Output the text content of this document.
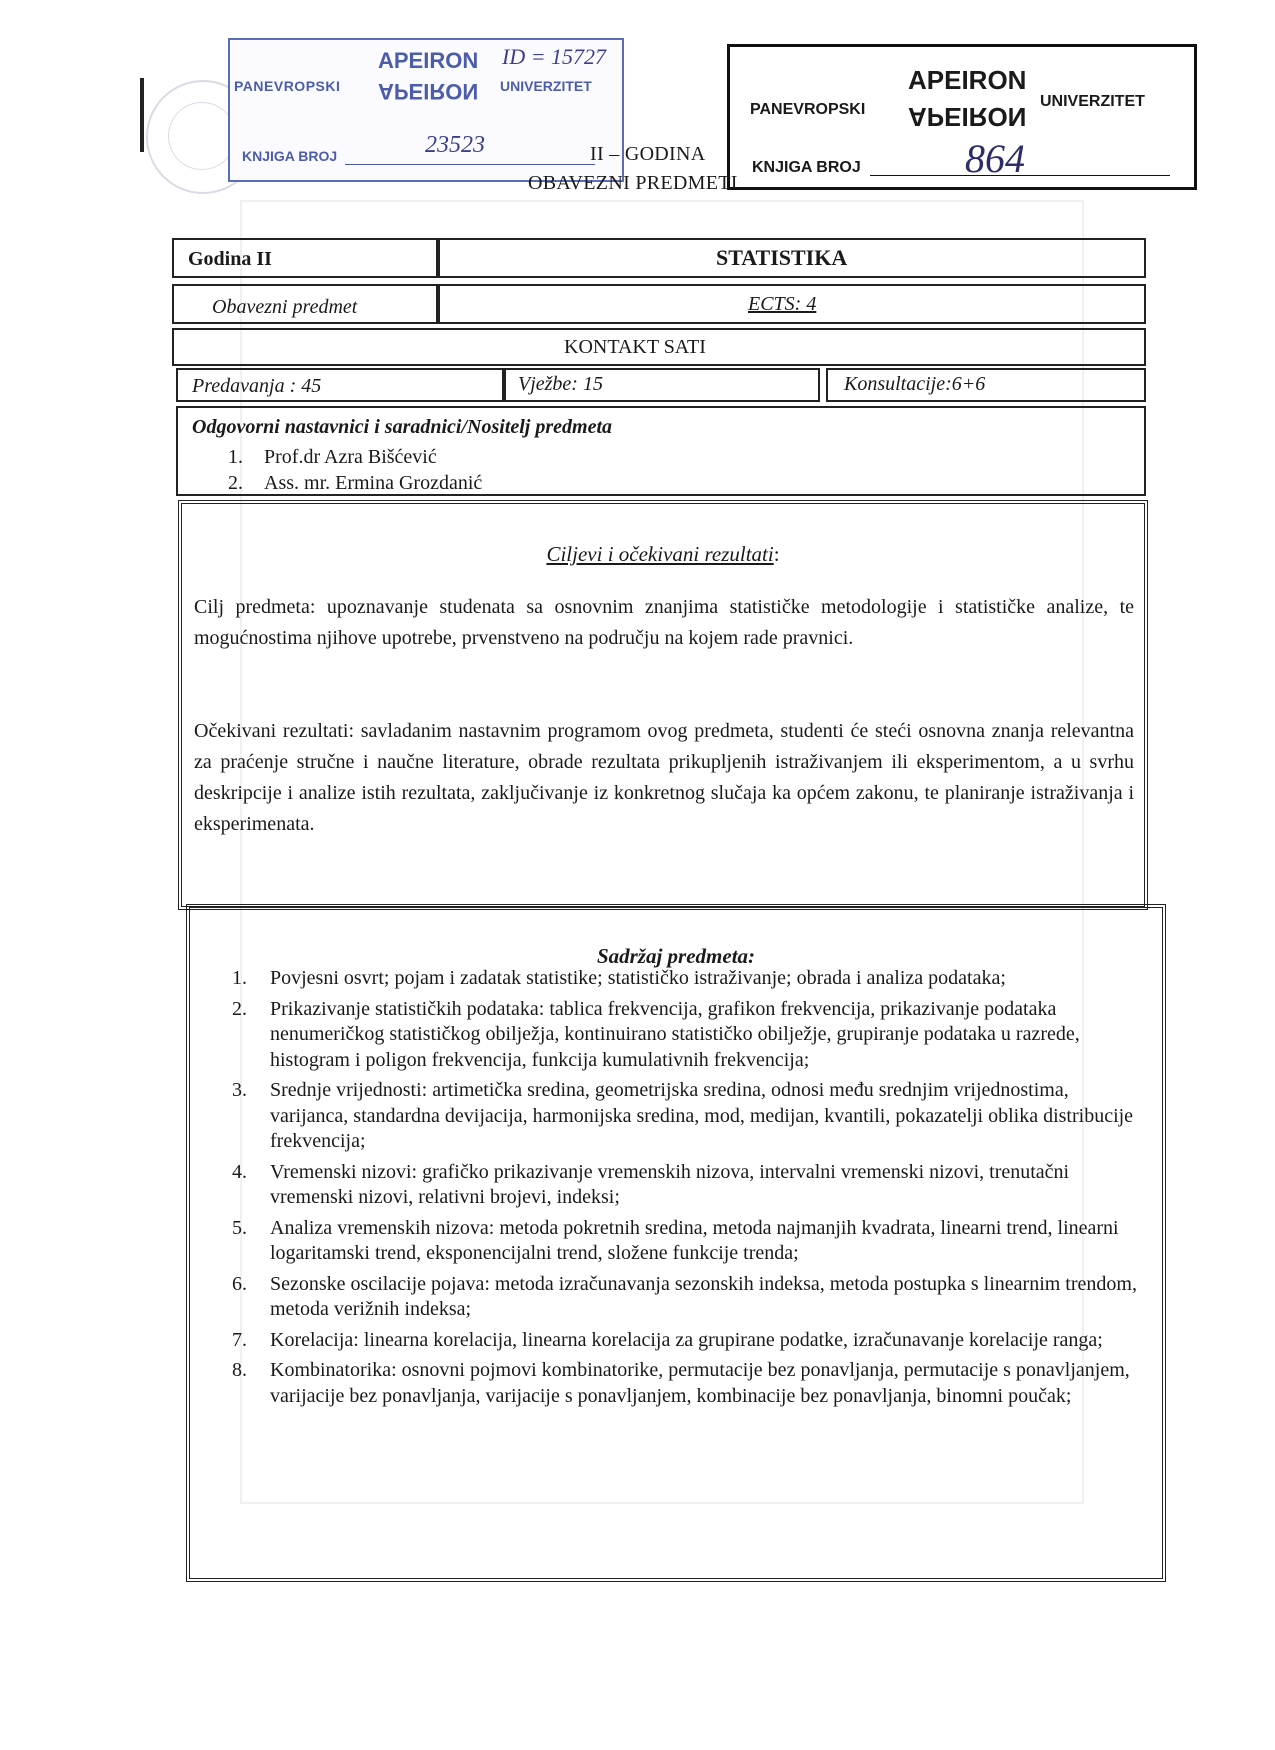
PANEVROPSKI
APEIRON
APEIRON UNIVERZITET
ID = 15727
KNJIGA BROJ	23523
PANEVROPSKI
APEIRON
APEIRON
UNIVERZITET
KNJIGA BROJ	864
II – GODINA
OBAVEZNI PREDMETI
Godina II	STATISTIKA
Obavezni predmet	ECTS: 4
KONTAKT SATI
Predavanja : 45	Vježbe: 15	Konsultacije:6+6
Odgovorni nastavnici i saradnici/Nositelj predmeta
1. Prof.dr Azra Bišćević
2. Ass. mr. Ermina Grozdanić
Ciljevi i očekivani rezultati:
Cilj predmeta: upoznavanje studenata sa osnovnim znanjima statističke metodologije i statističke analize, te mogućnostima njihove upotrebe, prvenstveno na području na kojem rade pravnici.
Očekivani rezultati: savladanim nastavnim programom ovog predmeta, studenti će steći osnovna znanja relevantna za praćenje stručne i naučne literature, obrade rezultata prikupljenih istraživanjem ili eksperimentom, a u svrhu deskripcije i analize istih rezultata, zaključivanje iz konkretnog slučaja ka općem zakonu, te planiranje istraživanja i eksperimenata.
Sadržaj predmeta:
1. Povjesni osvrt; pojam i zadatak statistike; statističko istraživanje; obrada i analiza podataka;
2. Prikazivanje statističkih podataka: tablica frekvencija, grafikon frekvencija, prikazivanje podataka nenumeričkog statističkog obilježja, kontinuirano statističko obilježje, grupiranje podataka u razrede, histogram i poligon frekvencija, funkcija kumulativnih frekvencija;
3. Srednje vrijednosti: artimetička sredina, geometrijska sredina, odnosi među srednjim vrijednostima, varijanca, standardna devijacija, harmonijska sredina, mod, medijan, kvantili, pokazatelji oblika distribucije frekvencija;
4. Vremenski nizovi: grafičko prikazivanje vremenskih nizova, intervalni vremenski nizovi, trenutačni vremenski nizovi, relativni brojevi, indeksi;
5. Analiza vremenskih nizova: metoda pokretnih sredina, metoda najmanjih kvadrata, linearni trend, linearni logaritamski trend, eksponencijalni trend, složene funkcije trenda;
6. Sezonske oscilacije pojava: metoda izračunavanja sezonskih indeksa, metoda postupka s linearnim trendom, metoda verižnih indeksa;
7. Korelacija: linearna korelacija, linearna korelacija za grupirane podatke, izračunavanje korelacije ranga;
8. Kombinatorika: osnovni pojmovi kombinatorike, permutacije bez ponavljanja, permutacije s ponavljanjem, varijacije bez ponavljanja, varijacije s ponavljanjem, kombinacije bez ponavljanja, binomni poučak;
